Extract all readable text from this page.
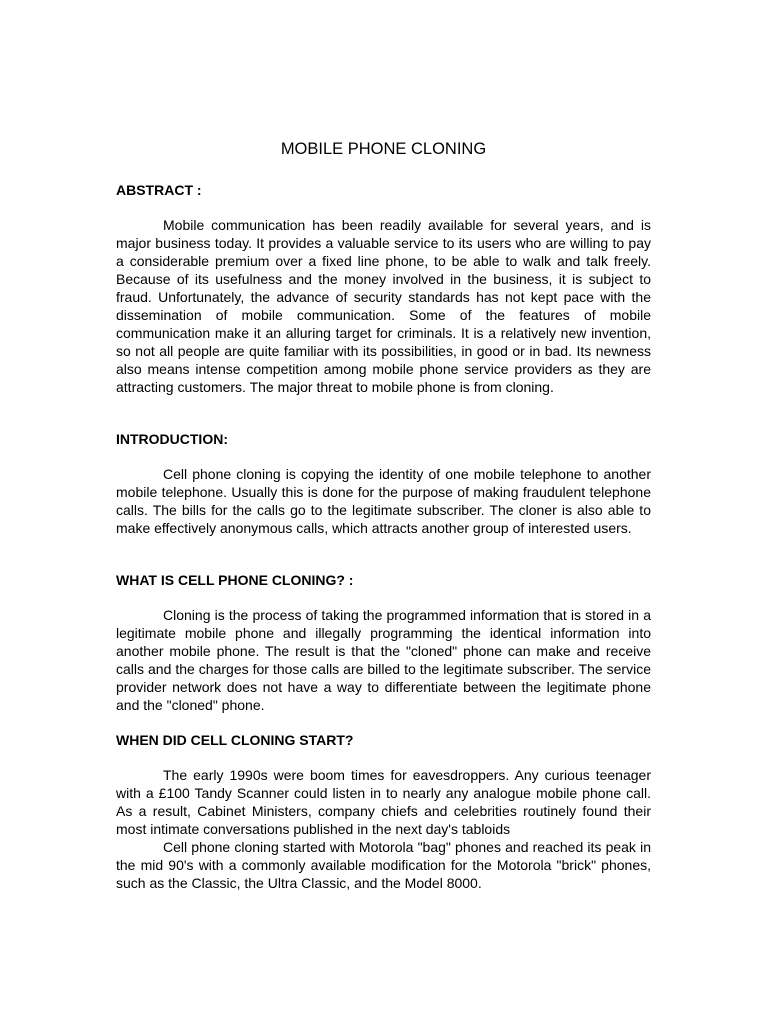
MOBILE PHONE CLONING
ABSTRACT :

Mobile communication has been readily available for several years, and is major business today. It provides a valuable service to its users who are willing to pay a considerable premium over a fixed line phone, to be able to walk and talk freely. Because of its usefulness and the money involved in the business, it is subject to fraud. Unfortunately, the advance of security standards has not kept pace with the dissemination of mobile communication. Some of the features of mobile communication make it an alluring target for criminals. It is a relatively new invention, so not all people are quite familiar with its possibilities, in good or in bad. Its newness also means intense competition among mobile phone service providers as they are attracting customers. The major threat to mobile phone is from cloning.

INTRODUCTION:

Cell phone cloning is copying the identity of one mobile telephone to another mobile telephone. Usually this is done for the purpose of making fraudulent telephone calls. The bills for the calls go to the legitimate subscriber. The cloner is also able to make effectively anonymous calls, which attracts another group of interested users.

WHAT IS CELL PHONE CLONING? :

Cloning is the process of taking the programmed information that is stored in a legitimate mobile phone and illegally programming the identical information into another mobile phone. The result is that the "cloned" phone can make and receive calls and the charges for those calls are billed to the legitimate subscriber. The service provider network does not have a way to differentiate between the legitimate phone and the "cloned" phone.

WHEN DID CELL CLONING START?

The early 1990s were boom times for eavesdroppers. Any curious teenager with a £100 Tandy Scanner could listen in to nearly any analogue mobile phone call. As a result, Cabinet Ministers, company chiefs and celebrities routinely found their most intimate conversations published in the next day's tabloids

Cell phone cloning started with Motorola "bag" phones and reached its peak in the mid 90's with a commonly available modification for the Motorola "brick" phones, such as the Classic, the Ultra Classic, and the Model 8000.
